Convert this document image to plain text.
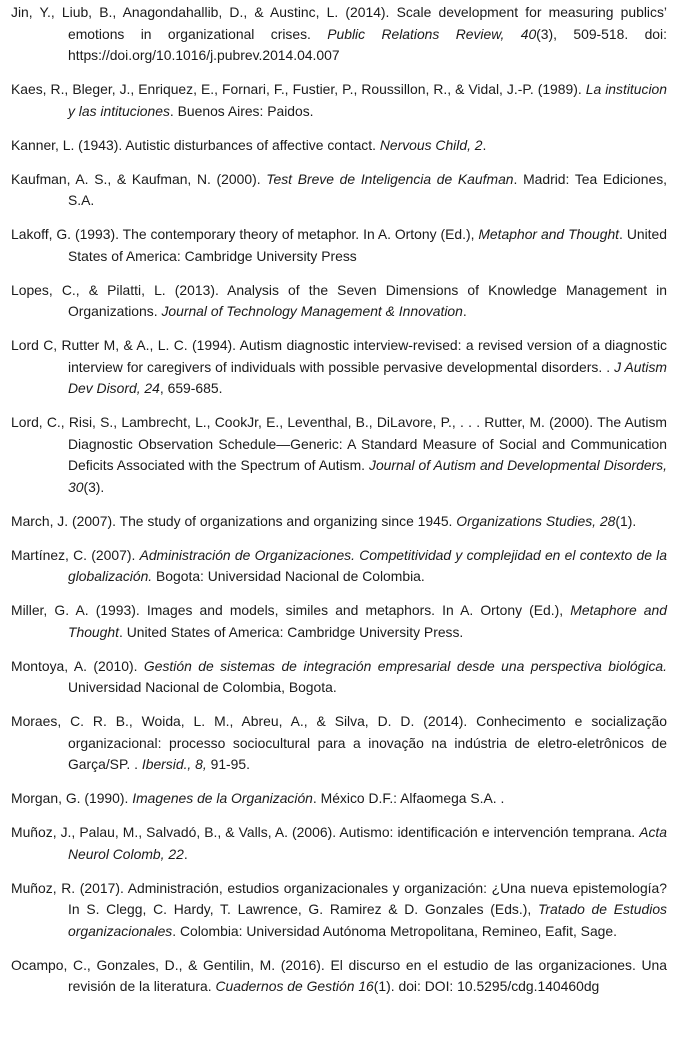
Jin, Y., Liub, B., Anagondahallib, D., & Austinc, L. (2014). Scale development for measuring publics’ emotions in organizational crises. Public Relations Review, 40(3), 509-518. doi: https://doi.org/10.1016/j.pubrev.2014.04.007

Kaes, R., Bleger, J., Enriquez, E., Fornari, F., Fustier, P., Roussillon, R., & Vidal, J.-P. (1989). La institucion y las intituciones. Buenos Aires: Paidos.

Kanner, L. (1943). Autistic disturbances of affective contact. Nervous Child, 2.

Kaufman, A. S., & Kaufman, N. (2000). Test Breve de Inteligencia de Kaufman. Madrid: Tea Ediciones, S.A.

Lakoff, G. (1993). The contemporary theory of metaphor. In A. Ortony (Ed.), Metaphor and Thought. United States of America: Cambridge University Press

Lopes, C., & Pilatti, L. (2013). Analysis of the Seven Dimensions of Knowledge Management in Organizations. Journal of Technology Management & Innovation.

Lord C, Rutter M, & A., L. C. (1994). Autism diagnostic interview-revised: a revised version of a diagnostic interview for caregivers of individuals with possible pervasive developmental disorders. . J Autism Dev Disord, 24, 659-685.

Lord, C., Risi, S., Lambrecht, L., CookJr, E., Leventhal, B., DiLavore, P., . . . Rutter, M. (2000). The Autism Diagnostic Observation Schedule—Generic: A Standard Measure of Social and Communication Deficits Associated with the Spectrum of Autism. Journal of Autism and Developmental Disorders, 30(3).

March, J. (2007). The study of organizations and organizing since 1945. Organizations Studies, 28(1).

Martínez, C. (2007). Administración de Organizaciones. Competitividad y complejidad en el contexto de la globalización. Bogota: Universidad Nacional de Colombia.

Miller, G. A. (1993). Images and models, similes and metaphors. In A. Ortony (Ed.), Metaphore and Thought. United States of America: Cambridge University Press.

Montoya, A. (2010). Gestión de sistemas de integración empresarial desde una perspectiva biológica. Universidad Nacional de Colombia, Bogota.

Moraes, C. R. B., Woida, L. M., Abreu, A., & Silva, D. D. (2014). Conhecimento e socialização organizacional: processo sociocultural para a inovação na indústria de eletro-eletrônicos de Garça/SP. . Ibersid., 8, 91-95.

Morgan, G. (1990). Imagenes de la Organización. México D.F.: Alfaomega S.A. .

Muñoz, J., Palau, M., Salvadó, B., & Valls, A. (2006). Autismo: identificación e intervención temprana. Acta Neurol Colomb, 22.

Muñoz, R. (2017). Administración, estudios organizacionales y organización: ¿Una nueva epistemología? In S. Clegg, C. Hardy, T. Lawrence, G. Ramirez & D. Gonzales (Eds.), Tratado de Estudios organizacionales. Colombia: Universidad Autónoma Metropolitana, Remineo, Eafit, Sage.

Ocampo, C., Gonzales, D., & Gentilin, M. (2016). El discurso en el estudio de las organizaciones. Una revisión de la literatura. Cuadernos de Gestión 16(1). doi: DOI: 10.5295/cdg.140460dg
